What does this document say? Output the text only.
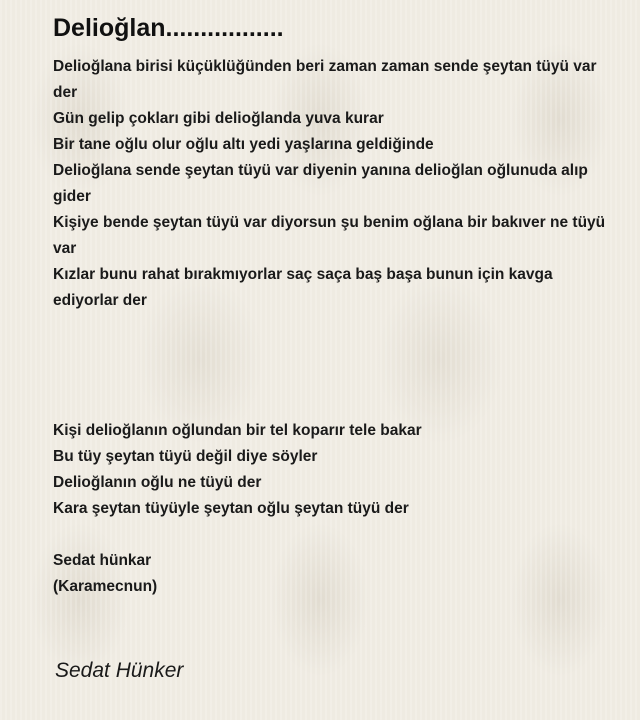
Delioğlan.................
Delioğlana birisi küçüklüğünden beri zaman zaman sende şeytan tüyü var der
Gün gelip çokları gibi delioğlanda yuva kurar
Bir tane oğlu olur oğlu altı yedi yaşlarına geldiğinde
Delioğlana sende şeytan tüyü var diyenin yanına delioğlan oğlunuda alıp gider
Kişiye bende şeytan tüyü var diyorsun şu benim oğlana bir bakıver ne tüyü var
Kızlar bunu rahat bırakmıyorlar saç saça baş başa bunun için kavga ediyorlar der
Kişi delioğlanın oğlundan bir tel koparır tele bakar
Bu tüy şeytan tüyü değil diye söyler
Delioğlanın oğlu ne tüyü der
Kara şeytan tüyüyle şeytan oğlu şeytan tüyü der
Sedat hünkar
(Karamecnun)
Sedat Hünker
